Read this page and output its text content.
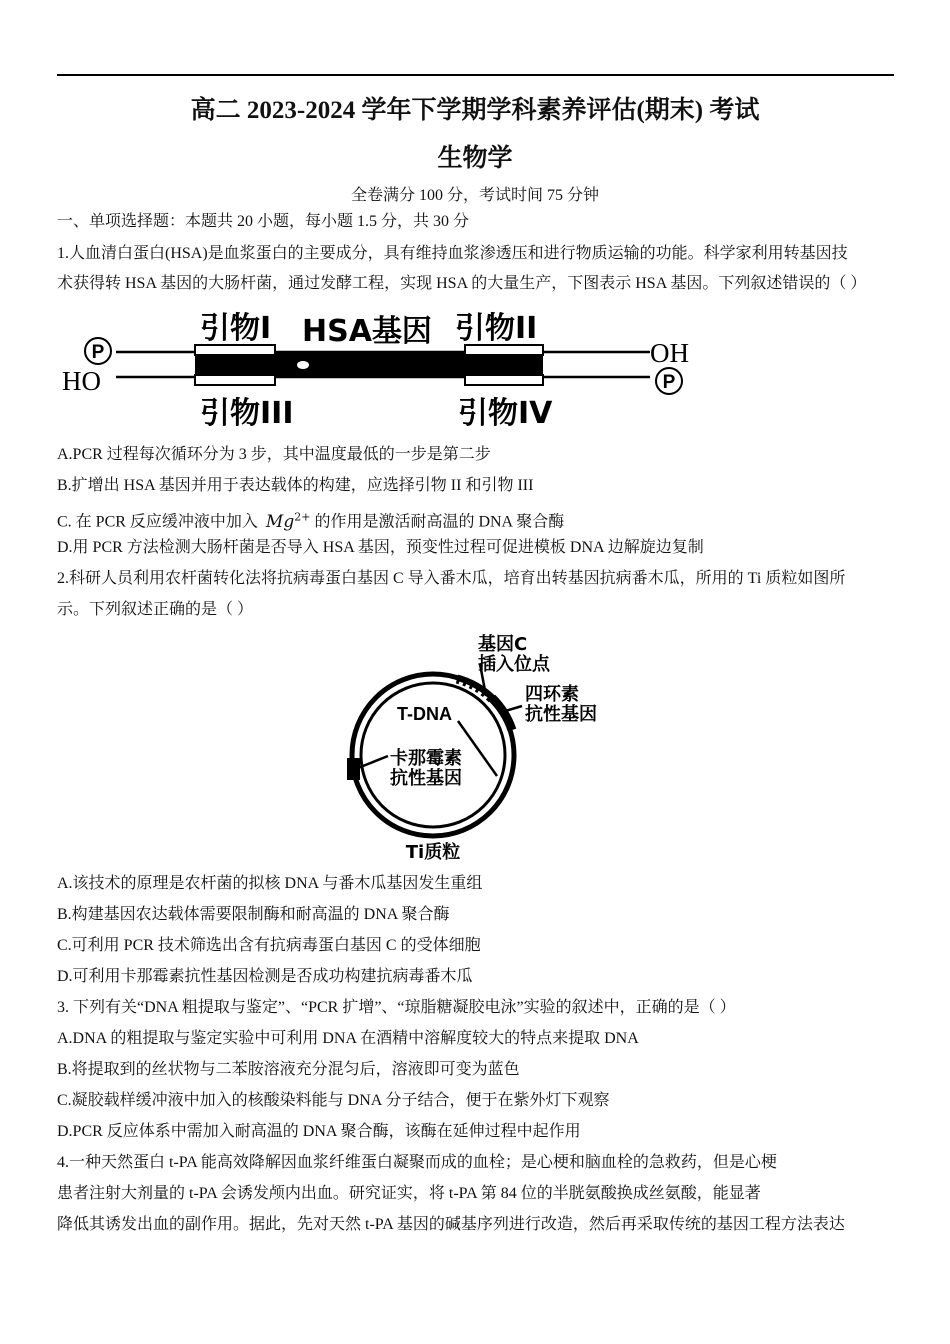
高二 2023-2024 学年下学期学科素养评估(期末) 考试
生物学
全卷满分 100 分，考试时间 75 分钟
一、单项选择题：本题共 20 小题，每小题 1.5 分，共 30 分
1.人血清白蛋白(HSA)是血浆蛋白的主要成分，具有维持血浆渗透压和进行物质运输的功能。科学家利用转基因技
术获得转 HSA 基因的大肠杆菌，通过发酵工程，实现 HSA 的大量生产，下图表示 HSA 基因。下列叙述错误的（ ）
P
HO
OH
P
引物I HSA基因 引物II
引物III	引物IV
A.PCR 过程每次循环分为 3 步，其中温度最低的一步是第二步
B.扩增出 HSA 基因并用于表达载体的构建，应选择引物 II 和引物 III
C. 在 PCR 反应缓冲液中加入 $Mg^{2+}$ 的作用是激活耐高温的 DNA 聚合酶
D.用 PCR 方法检测大肠杆菌是否导入 HSA 基因，预变性过程可促进模板 DNA 边解旋边复制
2.科研人员利用农杆菌转化法将抗病毒蛋白基因 C 导入番木瓜，培育出转基因抗病番木瓜，所用的 Ti 质粒如图所
示。下列叙述正确的是（ ）
基因C
插入位点
四环素
抗性基因
T-DNA
卡那霉素
抗性基因
Ti质粒
A.该技术的原理是农杆菌的拟核 DNA 与番木瓜基因发生重组
B.构建基因农达载体需要限制酶和耐高温的 DNA 聚合酶
C.可利用 PCR 技术筛选出含有抗病毒蛋白基因 C 的受体细胞
D.可利用卡那霉素抗性基因检测是否成功构建抗病毒番木瓜
3. 下列有关“DNA 粗提取与鉴定”、“PCR 扩增”、“琼脂糖凝胶电泳”实验的叙述中，正确的是（ ）
A.DNA 的粗提取与鉴定实验中可利用 DNA 在酒精中溶解度较大的特点来提取 DNA
B.将提取到的丝状物与二苯胺溶液充分混匀后，溶液即可变为蓝色
C.凝胶载样缓冲液中加入的核酸染料能与 DNA 分子结合，便于在紫外灯下观察
D.PCR 反应体系中需加入耐高温的 DNA 聚合酶，该酶在延伸过程中起作用
4.一种天然蛋白 t-PA 能高效降解因血浆纤维蛋白凝聚而成的血栓；是心梗和脑血栓的急救药，但是心梗
患者注射大剂量的 t-PA 会诱发颅内出血。研究证实，将 t-PA 第 84 位的半胱氨酸换成丝氨酸，能显著
降低其诱发出血的副作用。据此，先对天然 t-PA 基因的碱基序列进行改造，然后再采取传统的基因工程方法表达
